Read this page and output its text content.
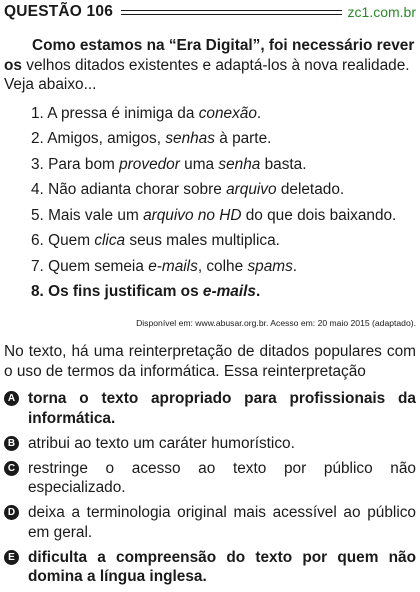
QUESTÃO 106	zc1.com.br

Como estamos na “Era Digital”, foi necessário rever os velhos ditados existentes e adaptá-los à nova realidade. Veja abaixo...

1. A pressa é inimiga da conexão.
2. Amigos, amigos, senhas à parte.
3. Para bom provedor uma senha basta.
4. Não adianta chorar sobre arquivo deletado.
5. Mais vale um arquivo no HD do que dois baixando.
6. Quem clica seus males multiplica.
7. Quem semeia e-mails, colhe spams.
8. Os fins justificam os e-mails.
Disponível em: www.abusar.org.br. Acesso em: 20 maio 2015 (adaptado).

No texto, há uma reinterpretação de ditados populares com o uso de termos da informática. Essa reinterpretação

A torna o texto apropriado para profissionais da informática.
B atribui ao texto um caráter humorístico.
C restringe o acesso ao texto por público não especializado.
D deixa a terminologia original mais acessível ao público em geral.
E dificulta a compreensão do texto por quem não domina a língua inglesa.
